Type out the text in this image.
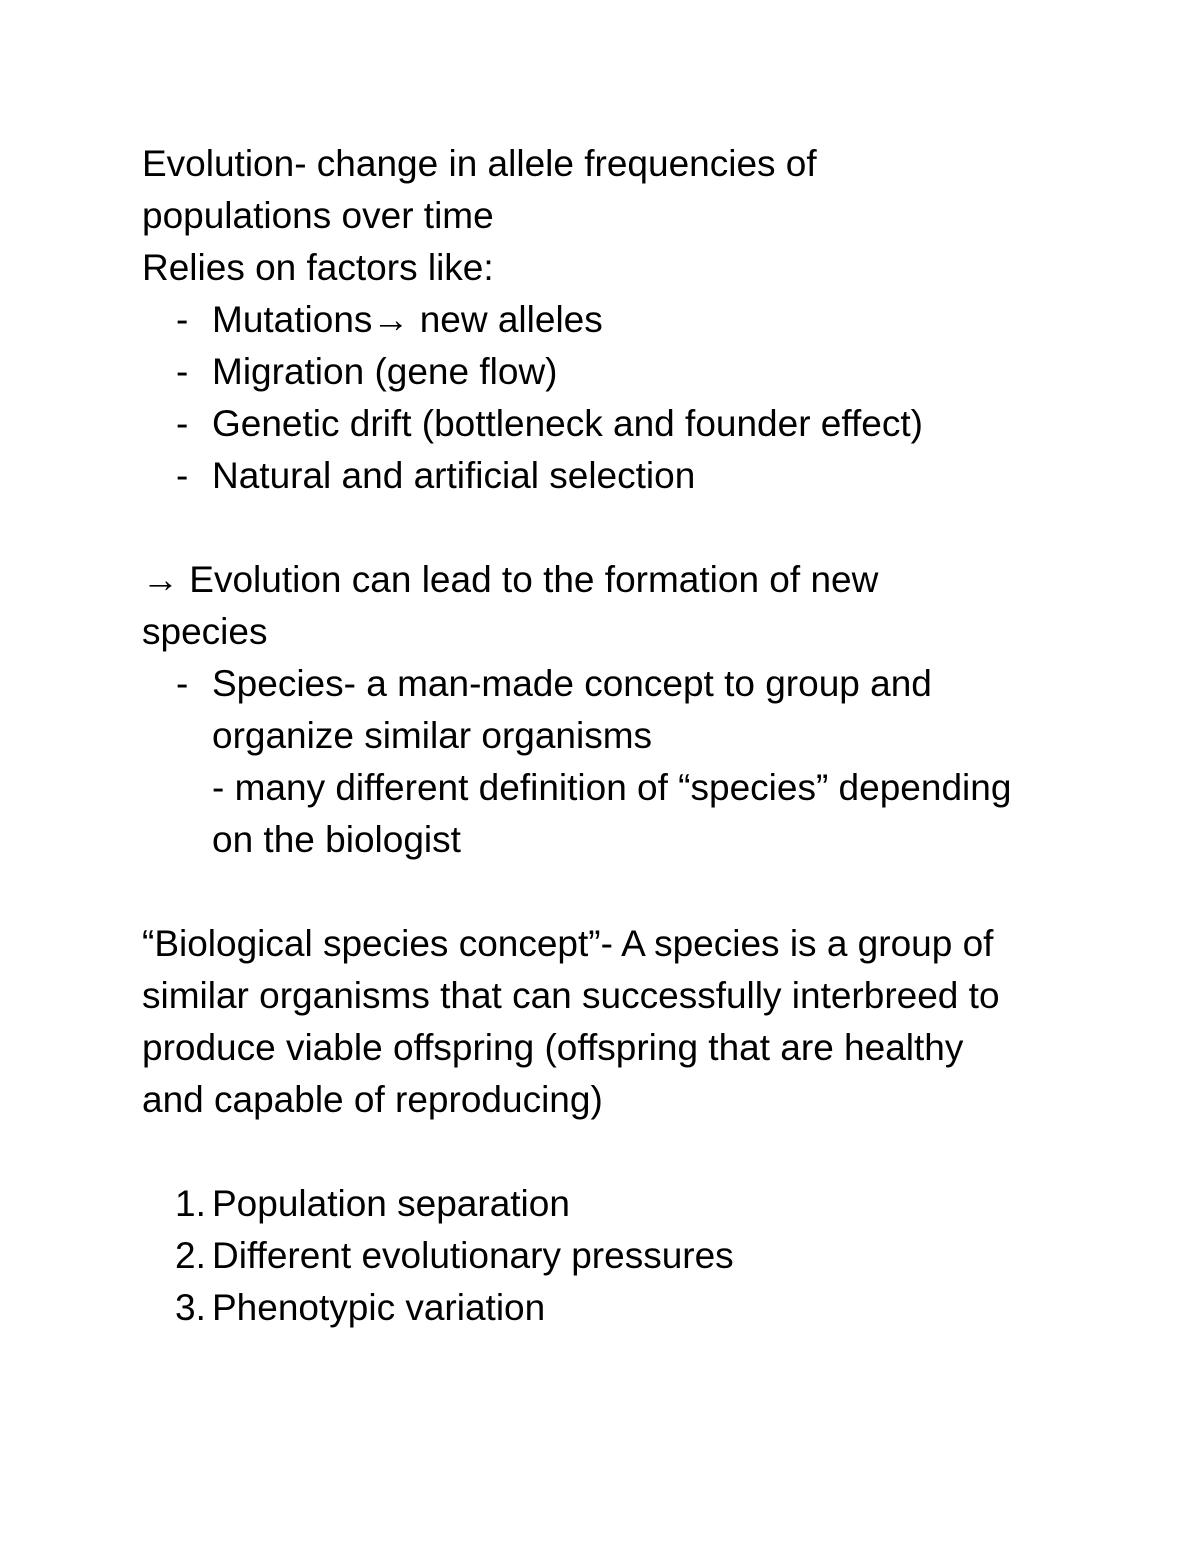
Evolution- change in allele frequencies of

populations over time

Relies on factors like:

- Mutations→ new alleles
- Migration (gene flow)
- Genetic drift (bottleneck and founder effect)
- Natural and artificial selection

→ Evolution can lead to the formation of new

species

- Species- a man-made concept to group and
organize similar organisms
- many different definition of “species” depending
on the biologist

“Biological species concept”- A species is a group of

similar organisms that can successfully interbreed to

produce viable offspring (offspring that are healthy

and capable of reproducing)

1. Population separation
2. Different evolutionary pressures
3. Phenotypic variation
